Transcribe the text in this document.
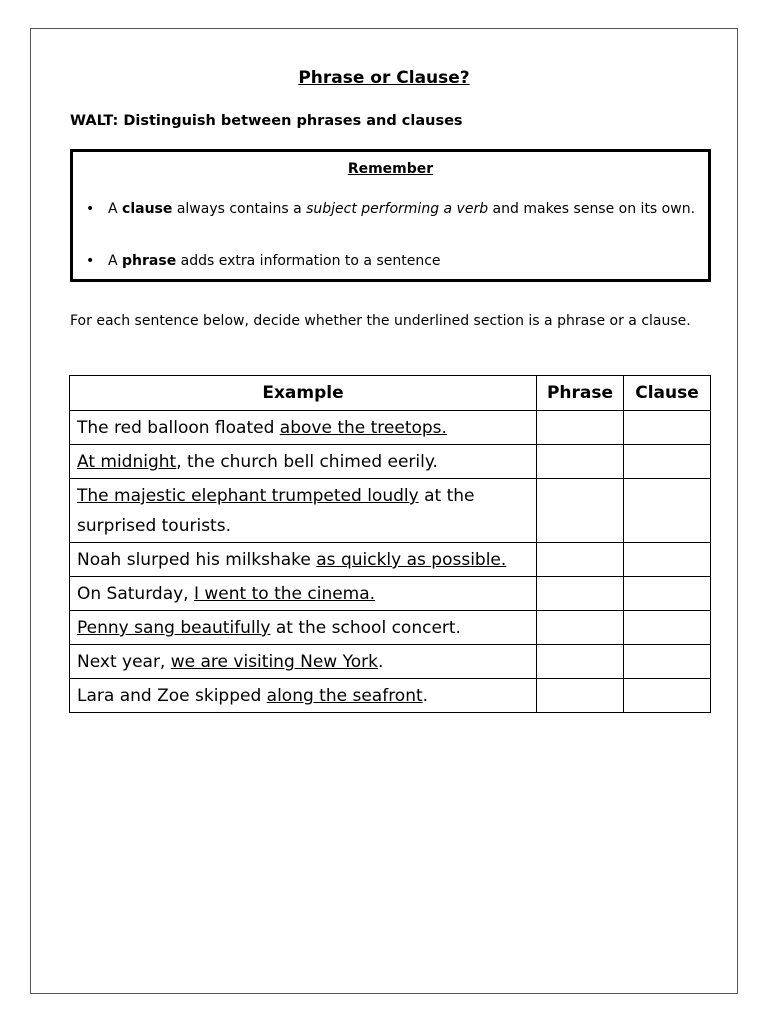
Phrase or Clause?
WALT: Distinguish between phrases and clauses
Remember
• A clause always contains a subject performing a verb and makes sense on its own.
• A phrase adds extra information to a sentence
For each sentence below, decide whether the underlined section is a phrase or a clause.
Example	Phrase	Clause
The red balloon floated above the treetops.		
At midnight, the church bell chimed eerily.		
The majestic elephant trumpeted loudly at the surprised tourists.		
Noah slurped his milkshake as quickly as possible.		
On Saturday, I went to the cinema.		
Penny sang beautifully at the school concert.		
Next year, we are visiting New York.		
Lara and Zoe skipped along the seafront.		
